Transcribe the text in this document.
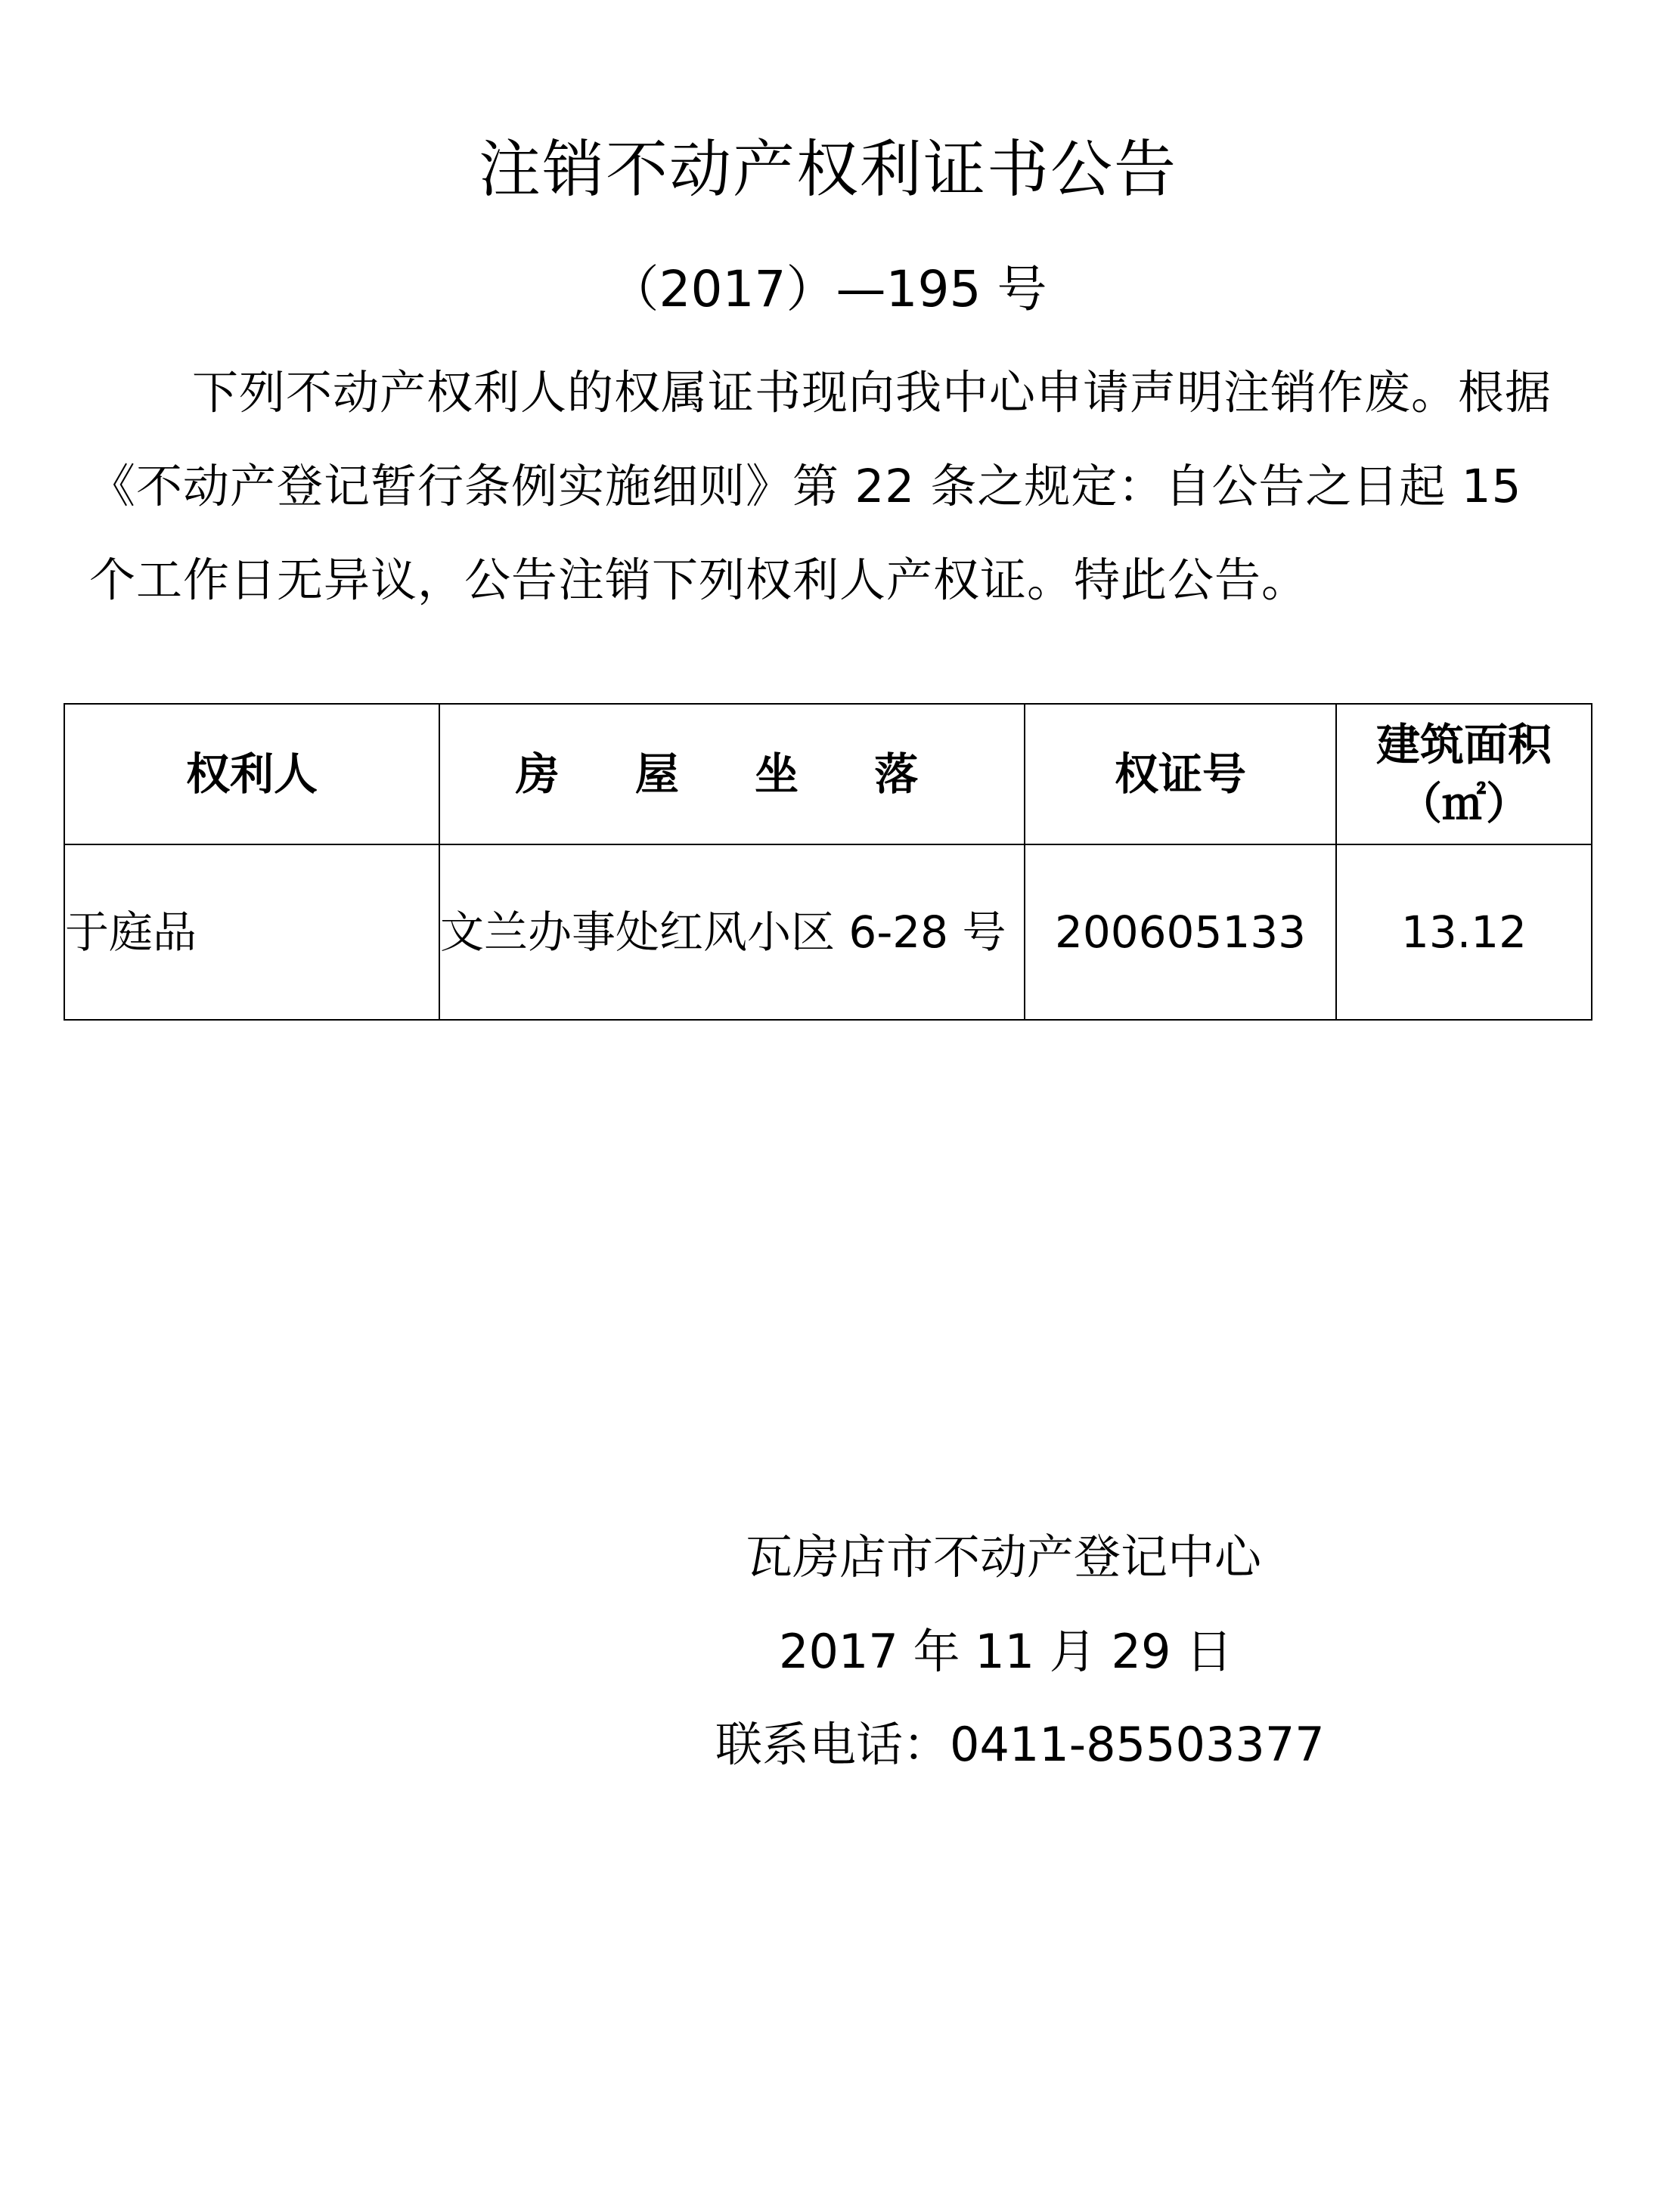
注销不动产权利证书公告
（2017）—195 号

下列不动产权利人的权属证书现向我中心申请声明注销作废。根据《不动产登记暂行条例实施细则》第 22 条之规定：自公告之日起 15 个工作日无异议，公告注销下列权利人产权证。特此公告。

权利人	房 屋 坐 落	权证号	建筑面积
（㎡）

于庭品	文兰办事处红风小区 6-28 号	200605133	13.12
瓦房店市不动产登记中心
2017 年 11 月 29 日
联系电话：0411-85503377
